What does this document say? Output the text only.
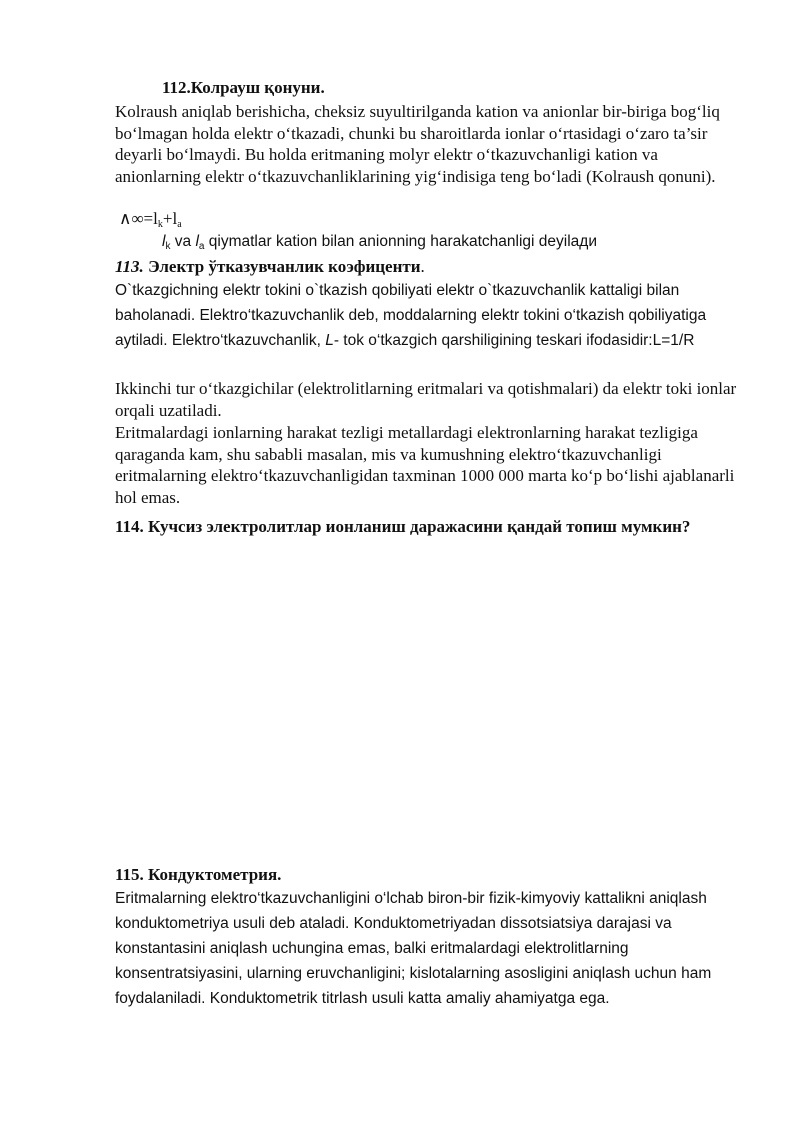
112.Колрауш қонуни.

Kolraush aniqlab berishicha, cheksiz suyultirilganda kation va anionlar bir-biriga bog‘liq bo‘lmagan holda elektr o‘tkazadi, chunki bu sharoitlarda ionlar o‘rtasidagi o‘zaro ta’sir deyarli bo‘lmaydi. Bu holda eritmaning molyr elektr o‘tkazuvchanligi kation va anionlarning elektr o‘tkazuvchanliklarining yig‘indisiga teng bo‘ladi (Kolraush qonuni).

$\wedge\infty=l_k+l_a$
$l_k$ va $l_a$ qiymatlar kation bilan anionning harakatchanligi deyilади
113. Электр ўтказувчанлик коэфиценти.

O`tkazgichning elektr tokini o`tkazish qobiliyati elektr o`tkazuvchanlik kattaligi bilan baholanadi. Elektro‘tkazuvchanlik deb, moddalarning elektr tokini o‘tkazish qobiliyatiga aytiladi. Elektro‘tkazuvchanlik, L- tok o‘tkazgich qarshiligining teskari ifodasidir:L=1/R

Ikkinchi tur o‘tkazgichilar (elektrolitlarning eritmalari va qotishmalari) da elektr toki ionlar orqali uzatiladi.

Eritmalardagi ionlarning harakat tezligi metallardagi elektronlarning harakat tezligiga qaraganda kam, shu sababli masalan, mis va kumushning elektro‘tkazuvchanligi eritmalarning elektro‘tkazuvchanligidan taxminan 1000 000 marta ko‘p bo‘lishi ajablanarli hol emas.

114. Кучсиз электролитлар ионланиш даражасини қандай топиш мумкин?

115. Кондуктометрия.

Eritmalarning elektro‘tkazuvchanligini o‘lchab biron-bir fizik-kimyoviy kattalikni aniqlash konduktometriya usuli deb ataladi. Konduktometriyadan dissotsiatsiya darajasi va konstantasini aniqlash uchungina emas, balki eritmalardagi elektrolitlarning konsentratsiyasini, ularning eruvchanligini; kislotalarning asosligini aniqlash uchun ham foydalaniladi. Konduktometrik titrlash usuli katta amaliy ahamiyatga ega.
